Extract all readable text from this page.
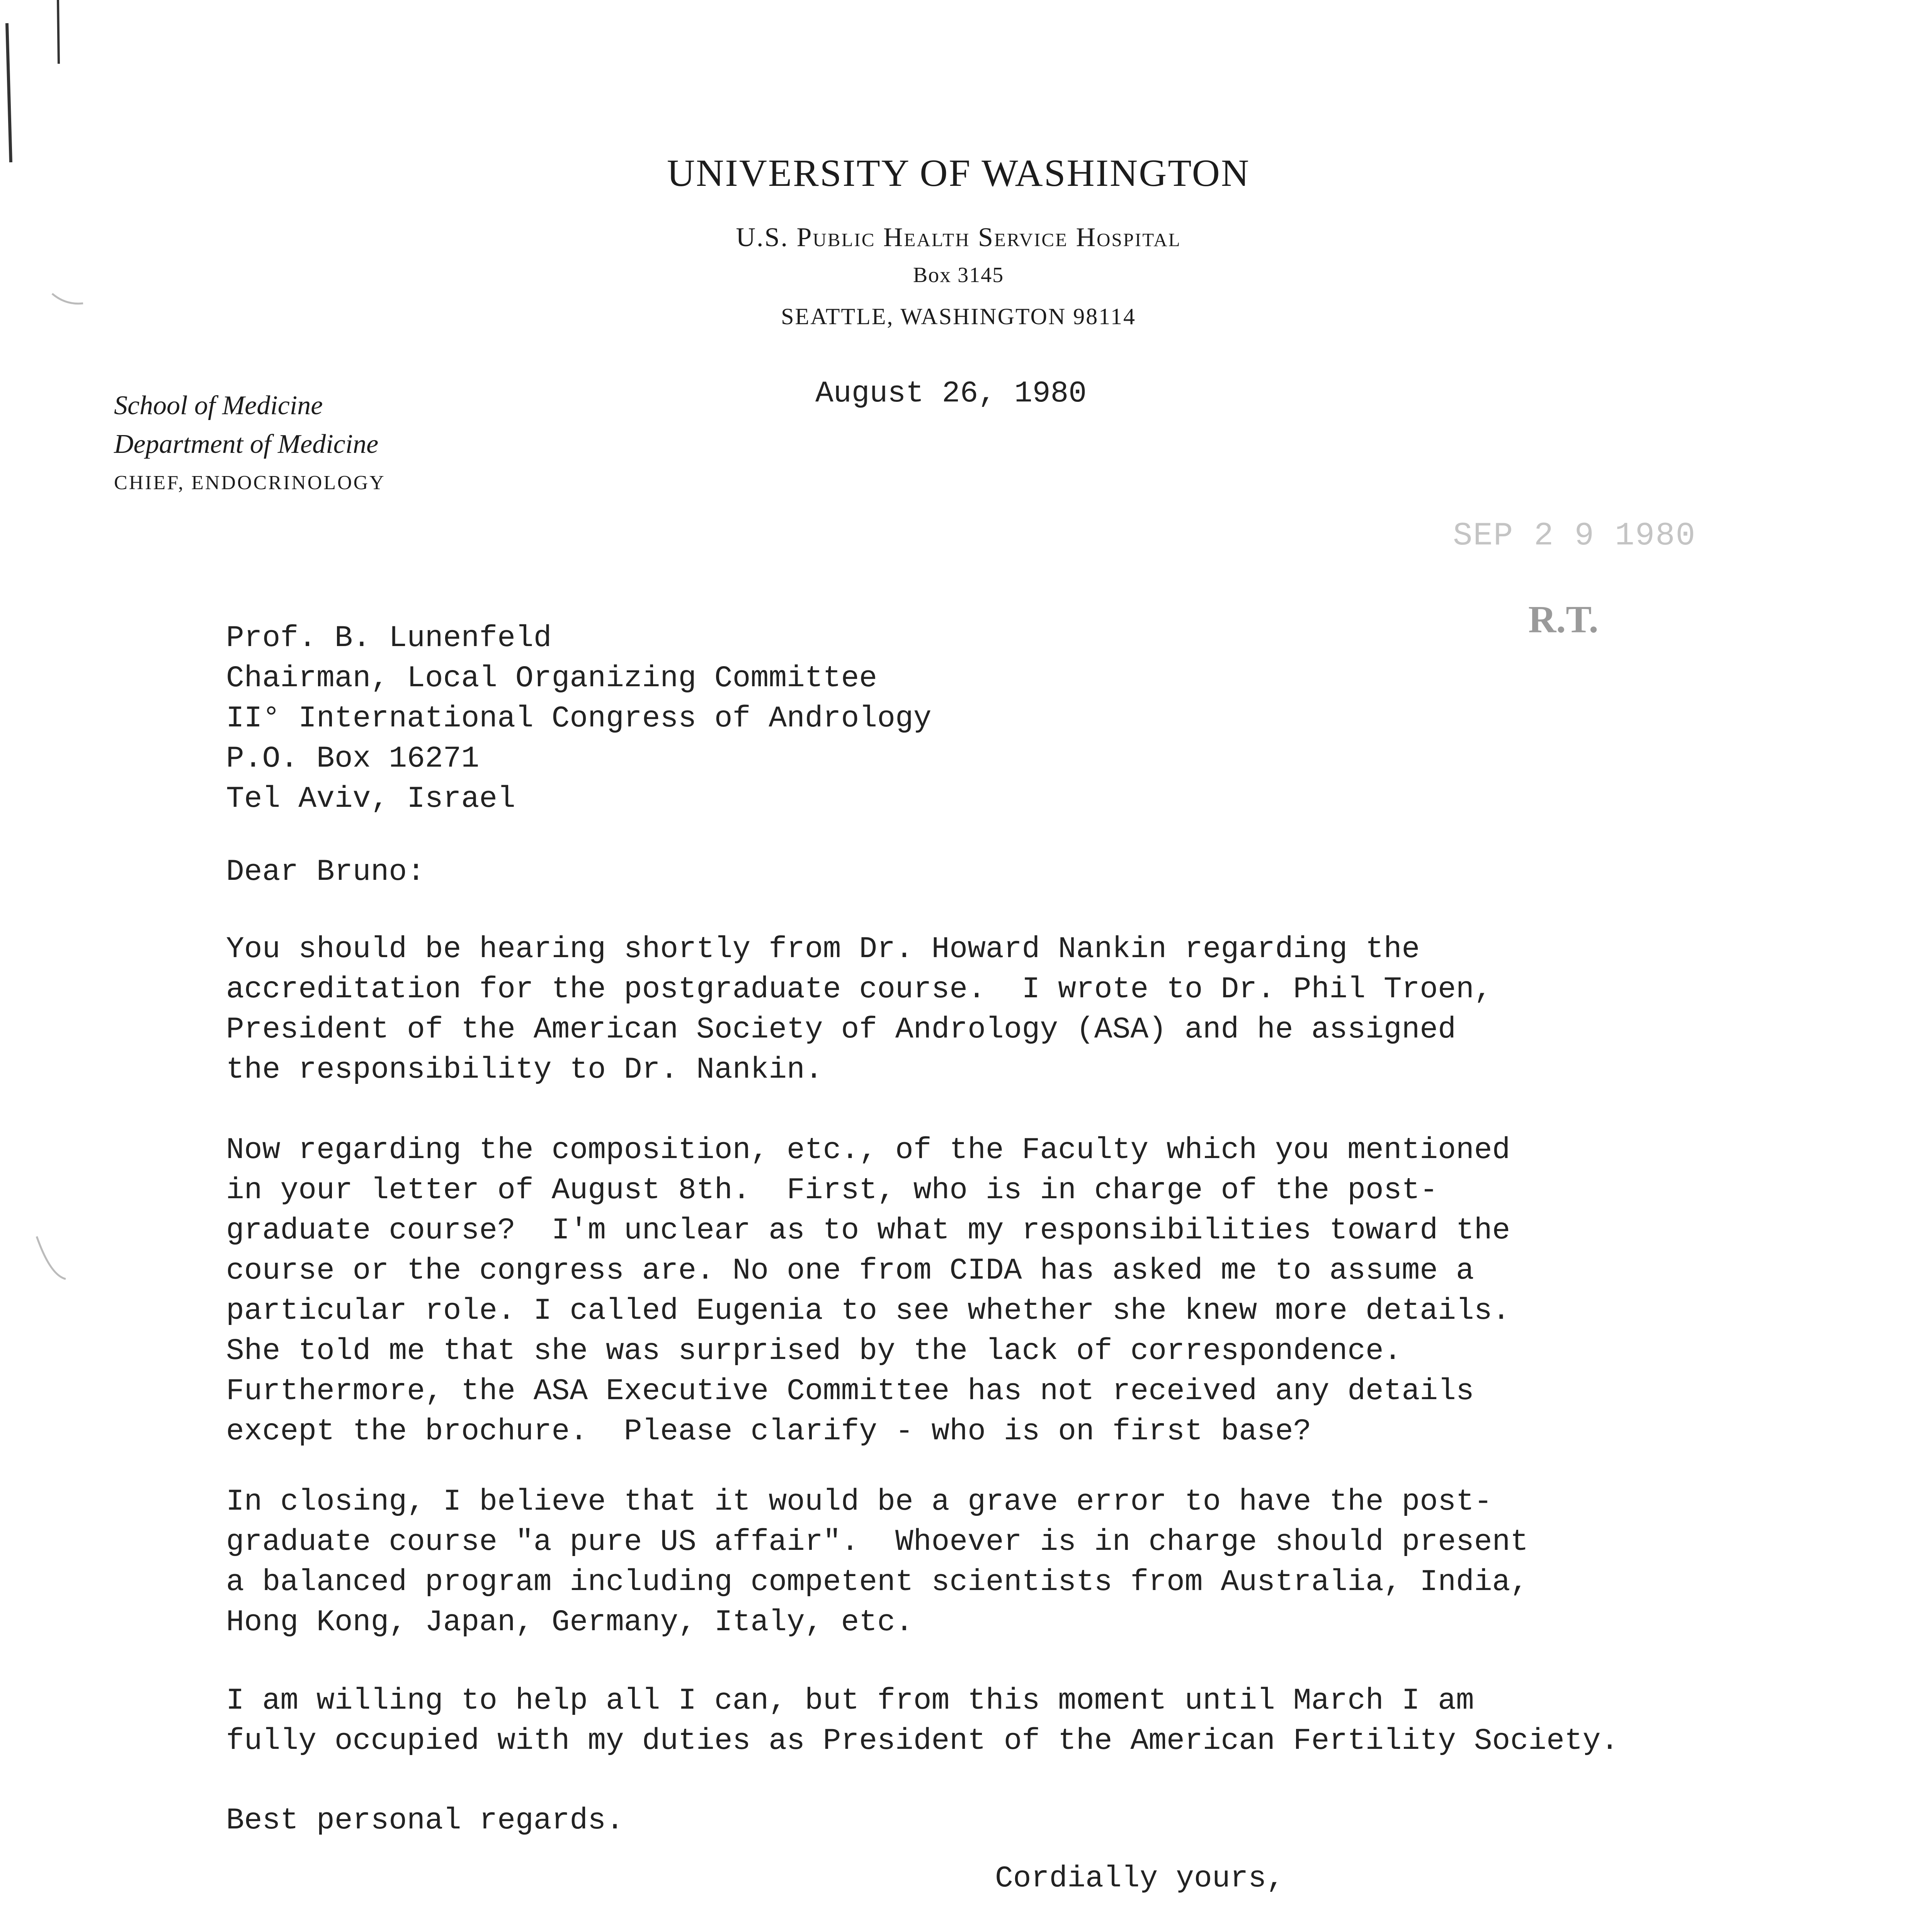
UNIVERSITY OF WASHINGTON
U.S. Public Health Service Hospital
Box 3145
SEATTLE, WASHINGTON 98114
School of Medicine
Department of Medicine
CHIEF, ENDOCRINOLOGY
August 26, 1980
SEP 2 9 1980
R.T.
Prof. B. Lunenfeld
Chairman, Local Organizing Committee
II° International Congress of Andrology
P.O. Box 16271
Tel Aviv, Israel
Dear Bruno:
You should be hearing shortly from Dr. Howard Nankin regarding the
accreditation for the postgraduate course.  I wrote to Dr. Phil Troen,
President of the American Society of Andrology (ASA) and he assigned
the responsibility to Dr. Nankin.
Now regarding the composition, etc., of the Faculty which you mentioned
in your letter of August 8th.  First, who is in charge of the post-
graduate course?  I'm unclear as to what my responsibilities toward the
course or the congress are. No one from CIDA has asked me to assume a
particular role. I called Eugenia to see whether she knew more details.
She told me that she was surprised by the lack of correspondence.
Furthermore, the ASA Executive Committee has not received any details
except the brochure.  Please clarify - who is on first base?
In closing, I believe that it would be a grave error to have the post-
graduate course "a pure US affair".  Whoever is in charge should present
a balanced program including competent scientists from Australia, India,
Hong Kong, Japan, Germany, Italy, etc.
I am willing to help all I can, but from this moment until March I am
fully occupied with my duties as President of the American Fertility Society.
Best personal regards.
Cordially yours,
